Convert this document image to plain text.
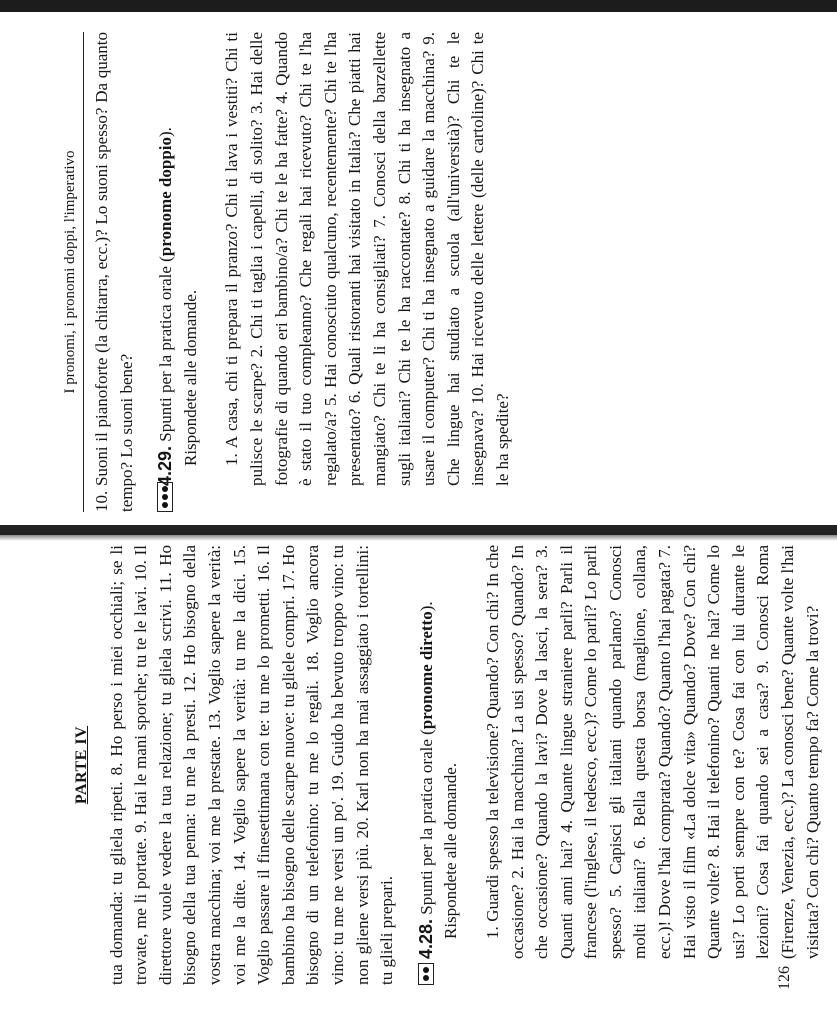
I pronomi, i pronomi doppi, l'imperativo 10. Suoni il pianoforte (la chitarra, ecc.)? Lo suoni spesso? Da quanto tempo? Lo suoni bene? 4.29. Spunti per la pratica orale (pronome doppio).
Rispondete alle domande. 1. A casa, chi ti prepara il pranzo? Chi ti lava i vestiti? Chi ti pulisce le scarpe? 2. Chi ti taglia i capelli, di solito? 3. Hai delle fotografie di quando eri bambino/a? Chi te le ha fatte? 4. Quando è stato il tuo compleanno? Che regali hai ricevuto? Chi te l'ha regalato/a? 5. Hai conosciuto qualcuno, recentemente? Chi te l'ha presentato? 6. Quali ristoranti hai visitato in Italia? Che piatti hai mangiato? Chi te li ha consigliati? 7. Conosci della barzellette sugli italiani? Chi te le ha raccontate? 8. Chi ti ha insegnato a usare il computer? Chi ti ha insegnato a guidare la macchina? 9. Che lingue hai studiato a scuola (all'università)? Chi te le insegnava? 10. Hai ricevuto delle lettere (delle cartoline)? Chi te le ha spedite?

PARTE IV tua domanda: tu gliela ripeti. 8. Ho perso i miei occhiali; se li trovate, me li portate. 9. Hai le mani sporche; tu te le lavi. 10. Il direttore vuole vedere la tua relazione; tu gliela scrivi. 11. Ho bisogno della tua penna: tu me la presti. 12. Ho bisogno della vostra macchina; voi me la prestate. 13. Voglio sapere la verità: voi me la dite. 14. Voglio sapere la verità: tu me la dici. 15. Voglio passare il finesettimana con te: tu me lo prometti. 16. Il bambino ha bisogno delle scarpe nuove: tu gliele compri. 17. Ho bisogno di un telefonino: tu me lo regali. 18. Voglio ancora vino: tu me ne versi un po'. 19. Guido ha bevuto troppo vino: tu non gliene versi più. 20. Karl non ha mai assaggiato i tortellini: tu glieli prepari. 4.28. Spunti per la pratica orale (pronome diretto).
Rispondete alle domande. 1. Guardi spesso la televisione? Quando? Con chi? In che occasione? 2. Hai la macchina? La usi spesso? Quando? In che occasione? Quando la lavi? Dove la lasci, la sera? 3. Quanti anni hai? 4. Quante lingue straniere parli? Parli il francese (l'inglese, il tedesco, ecc.)? Come lo parli? Lo parli spesso? 5. Capisci gli italiani quando parlano? Conosci molti italiani? 6. Bella questa borsa (maglione, collana, ecc.)! Dove l'hai comprata? Quando? Quanto l'hai pagata? 7. Hai visto il film «La dolce vita» Quando? Dove? Con chi? Quante volte? 8. Hai il telefonino? Quanti ne hai? Come lo usi? Lo porti sempre con te? Cosa fai con lui durante le lezioni? Cosa fai quando sei a casa? 9. Conosci Roma (Firenze, Venezia, ecc.)? La conosci bene? Quante volte l'hai visitata? Con chi? Quanto tempo fa? Come la trovi?

126
